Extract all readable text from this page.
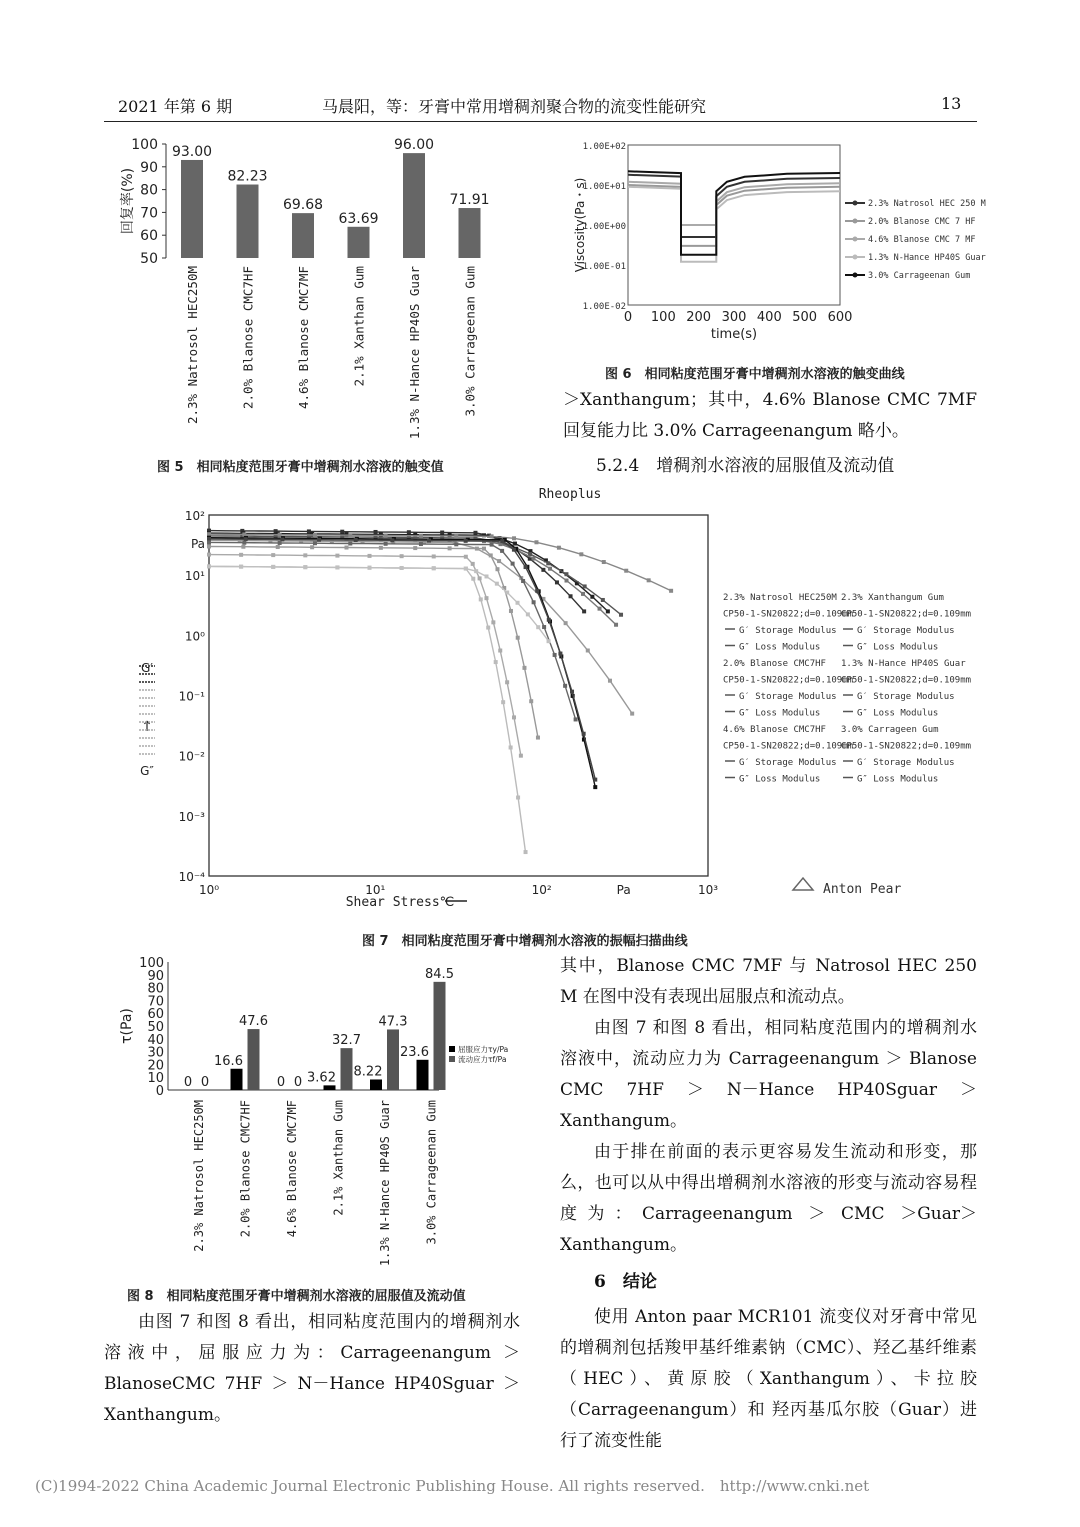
2021 年第 6 期	马晨阳，等：牙膏中常用增稠剂聚合物的流变性能研究	13
50
60
70
80
90
100
回复率(%)
93.00
2.3% Natrosol HEC250M
82.23
2.0% Blanose CMC7HF
69.68
4.6% Blanose CMC7MF
63.69
2.1% Xanthan Gum
96.00
1.3% N-Hance HP40S Guar
71.91
3.0% Carrageenan Gum
图 5　相同粘度范围牙膏中增稠剂水溶液的触变值
1.00E-02
1.00E-01
1.00E+00
1.00E+01
1.00E+02
0 100 200 300 400 500 600
time(s)
Viscosity(Pa・s)	2.3% Natrosol HEC 250 M
2.0% Blanose CMC 7 HF
4.6% Blanose CMC 7 MF
1.3% N-Hance HP40S Guar
3.0% Carrageenan Gum
图 6　相同粘度范围牙膏中增稠剂水溶液的触变曲线

＞Xanthangum；其中，4.6% Blanose CMC 7MF 回复能力比 3.0% Carrageenangum 略小。

5.2.4　增稠剂水溶液的屈服值及流动值
Rheoplus
10⁻⁴
10⁻³
10⁻²
10⁻¹
10⁰
10¹
Pa
10²
10⁰	10¹	10²	Pa	10³
Shear Stress℃
↑
G′
G″
2.3% Natrosol HEC250M
CP50-1-SN20822;d=0.109mm
G′ Storage Modulus
G″ Loss Modulus
2.0% Blanose CMC7HF
CP50-1-SN20822;d=0.109mm
G′ Storage Modulus
G″ Loss Modulus
4.6% Blanose CMC7HF
CP50-1-SN20822;d=0.109mm
G′ Storage Modulus
G″ Loss Modulus
2.3% Xanthangum Gum
CP50-1-SN20822;d=0.109mm
G′ Storage Modulus
G″ Loss Modulus
1.3% N-Hance HP40S Guar
CP50-1-SN20822;d=0.109mm
G′ Storage Modulus
G″ Loss Modulus
3.0% Carrageen Gum
CP50-1-SN20822;d=0.109mm
G′ Storage Modulus
G″ Loss Modulus
Anton Pear
图 7　相同粘度范围牙膏中增稠剂水溶液的振幅扫描曲线
0
10
20
30
40
50
60
70
80
90
100
τ(Pa)
0 0
2.3% Natrosol HEC250M
16.6
47.6
2.0% Blanose CMC7HF
0 0
4.6% Blanose CMC7MF
3.62
32.7
2.1% Xanthan Gum
8.22
47.3
1.3% N-Hance HP40S Guar
23.6
84.5
3.0% Carrageenan Gum
屈服应力τy/Pa
流动应力τf/Pa
图 8　相同粘度范围牙膏中增稠剂水溶液的屈服值及流动值

由图 7 和图 8 看出，相同粘度范围内的增稠剂水溶液中，屈服应力为：Carrageenangum ＞BlanoseCMC 7HF ＞ N－Hance HP40Sguar ＞ Xanthangum。

其中，Blanose CMC 7MF 与 Natrosol HEC 250 M 在图中没有表现出屈服点和流动点。

由图 7 和图 8 看出，相同粘度范围内的增稠剂水溶液中，流动应力为 Carrageenangum ＞ Blanose CMC 7HF ＞ N－Hance HP40Sguar ＞ Xanthangum。

由于排在前面的表示更容易发生流动和形变，那么，也可以从中得出增稠剂水溶液的形变与流动容易程度为：Carrageenangum ＞ CMC ＞Guar＞Xanthangum。

6　结论

使用 Anton paar MCR101 流变仪对牙膏中常见的增稠剂包括羧甲基纤维素钠（CMC）、羟乙基纤维素（HEC）、黄原胶（Xanthangum）、卡拉胶（Carrageenangum）和 羟丙基瓜尔胶（Guar）进行了流变性能

(C)1994-2022 China Academic Journal Electronic Publishing House. All rights reserved.　http://www.cnki.net
